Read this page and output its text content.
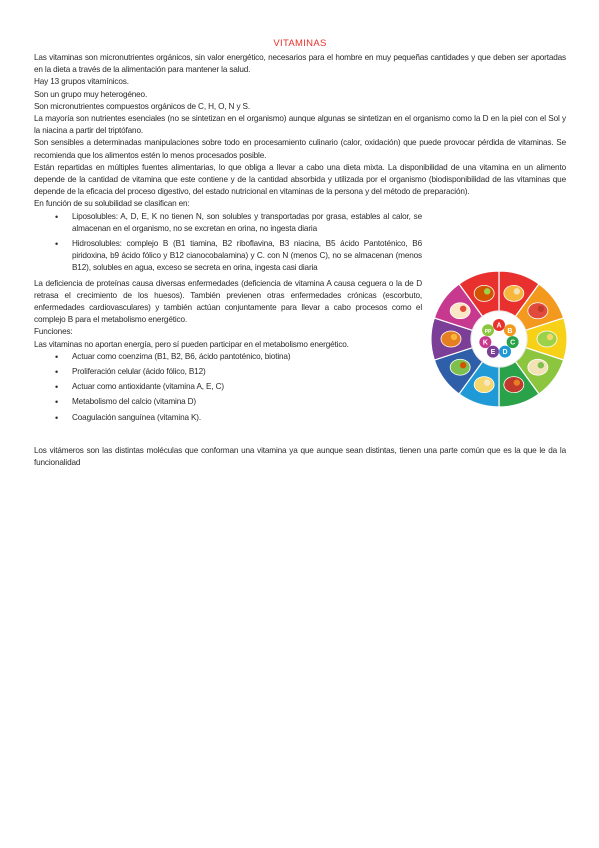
VITAMINAS

Las vitaminas son micronutrientes orgánicos, sin valor energético, necesarios para el hombre en muy pequeñas cantidades y que deben ser aportadas en la dieta a través de la alimentación para mantener la salud.

Hay 13 grupos vitamínicos.

Son un grupo muy heterogéneo.

Son micronutrientes compuestos orgánicos de C, H, O, N y S.

La mayoría son nutrientes esenciales (no se sintetizan en el organismo) aunque algunas se sintetizan en el organismo como la D en la piel con el Sol y la niacina a partir del triptófano.

Son sensibles a determinadas manipulaciones sobre todo en procesamiento culinario (calor, oxidación) que puede provocar pérdida de vitaminas. Se recomienda que los alimentos estén lo menos procesados posible.

Están repartidas en múltiples fuentes alimentarias, lo que obliga a llevar a cabo una dieta mixta. La disponibilidad de una vitamina en un alimento depende de la cantidad de vitamina que este contiene y de la cantidad absorbida y utilizada por el organismo (biodisponibilidad de las vitaminas que depende de la eficacia del proceso digestivo, del estado nutricional en vitaminas de la persona y del método de preparación).

En función de su solubilidad se clasifican en:

• Liposolubles: A, D, E, K no tienen N, son solubles y transportadas por grasa, estables al calor, se almacenan en el organismo, no se excretan en orina, no ingesta diaria
• Hidrosolubles: complejo B (B1 tiamina, B2 riboflavina, B3 niacina, B5 ácido Pantoténico, B6 piridoxina, b9 ácido fólico y B12 cianocobalamina) y C. con N (menos C), no se almacenan (menos B12), solubles en agua, exceso se secreta en orina, ingesta casi diaria

La deficiencia de proteínas causa diversas enfermedades (deficiencia de vitamina A causa ceguera o la de D retrasa el crecimiento de los huesos). También previenen otras enfermedades crónicas (escorbuto, enfermedades cardiovasculares) y también actúan conjuntamente para llevar a cabo procesos como el complejo B para el metabolismo energético.

Funciones:

Las vitaminas no aportan energía, pero sí pueden participar en el metabolismo energético.

• Actuar como coenzima (B1, B2, B6, ácido pantoténico, biotina)
• Proliferación celular (ácido fólico, B12)
• Actuar como antioxidante (vitamina A, E, C)
• Metabolismo del calcio (vitamina D)
• Coagulación sanguínea (vitamina K).

Los vitámeros son las distintas moléculas que conforman una vitamina ya que aunque sean distintas, tienen una parte común que es la que le da la funcionalidad

A
B
C
D
E
K
PP
